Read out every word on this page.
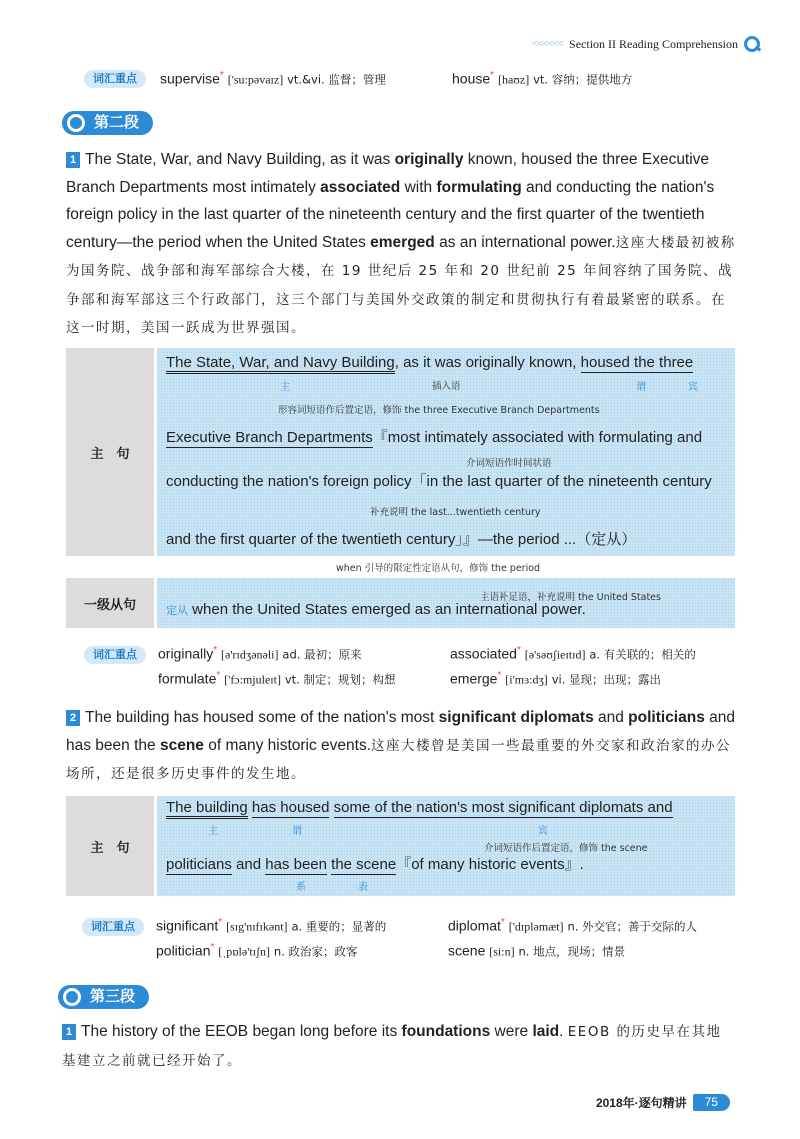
<<<<<< Section II Reading Comprehension
词汇重点	supervise* ['su:pəvaɪz] vt.&vi. 监督；管理	house* [haʊz] vt. 容纳；提供地方
第二段
1 The State, War, and Navy Building, as it was originally known, housed the three Executive Branch Departments most intimately associated with formulating and conducting the nation's foreign policy in the last quarter of the nineteenth century and the first quarter of the twentieth century—the period when the United States emerged as an international power.这座大楼最初被称为国务院、战争部和海军部综合大楼，在 19 世纪后 25 年和 20 世纪前 25 年间容纳了国务院、战争部和海军部这三个行政部门，这三个部门与美国外交政策的制定和贯彻执行有着最紧密的联系。在这一时期，美国一跃成为世界强国。
主　句
一级从句
The State, War, and Navy Building, as it was originally known, housed the three
主	插入语	谓	宾
形容词短语作后置定语，修饰 the three Executive Branch Departments
Executive Branch Departments『most intimately associated with formulating and
介词短语作时间状语
conducting the nation's foreign policy「in the last quarter of the nineteenth century
补充说明 the last...twentieth century
and the first quarter of the twentieth century」』—the period ...（定从）
when 引导的限定性定语从句，修饰 the period
主语补足语，补充说明 the United States
定从 when the United States emerged as an international power.
词汇重点	originally* [ə'rɪdʒənəli] ad. 最初；原来	associated* [ə'səʊʃieɪtɪd] a. 有关联的；相关的
formulate* ['fɔ:mjuleɪt] vt. 制定；规划；构想	emerge* [i'mɜ:dʒ] vi. 显现；出现；露出
2 The building has housed some of the nation's most significant diplomats and politicians and has been the scene of many historic events.这座大楼曾是美国一些最重要的外交家和政治家的办公场所，还是很多历史事件的发生地。
主　句
The building has housed some of the nation's most significant diplomats and
主	谓	宾
介词短语作后置定语，修饰 the scene
politicians and has been the scene『of many historic events』.
系	表
词汇重点	significant* [sɪg'nɪfɪkənt] a. 重要的；显著的	diplomat* ['dɪpləmæt] n. 外交官；善于交际的人
politician* [ˌpɒlə'tɪʃn] n. 政治家；政客	scene [si:n] n. 地点，现场；情景
第三段
1 The history of the EEOB began long before its foundations were laid. EEOB 的历史早在其地基建立之前就已经开始了。
2018年·逐句精讲	75
